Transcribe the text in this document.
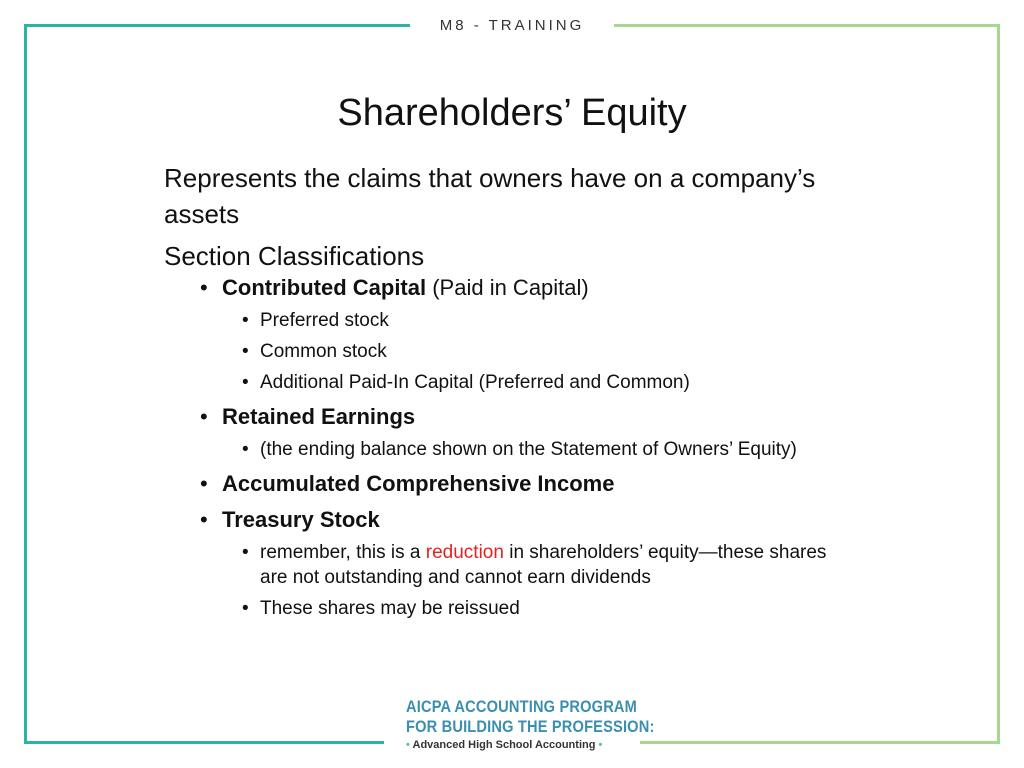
M8 - TRAINING
Shareholders’ Equity

Represents the claims that owners have on a company’s assets

Section Classifications

• Contributed Capital (Paid in Capital)
• Preferred stock
• Common stock
• Additional Paid-In Capital (Preferred and Common)
• Retained Earnings
• (the ending balance shown on the Statement of Owners’ Equity)
• Accumulated Comprehensive Income
• Treasury Stock
• remember, this is a reduction in shareholders’ equity—these shares are not outstanding and cannot earn dividends
• These shares may be reissued
AICPA ACCOUNTING PROGRAM
FOR BUILDING THE PROFESSION:
• Advanced High School Accounting •
